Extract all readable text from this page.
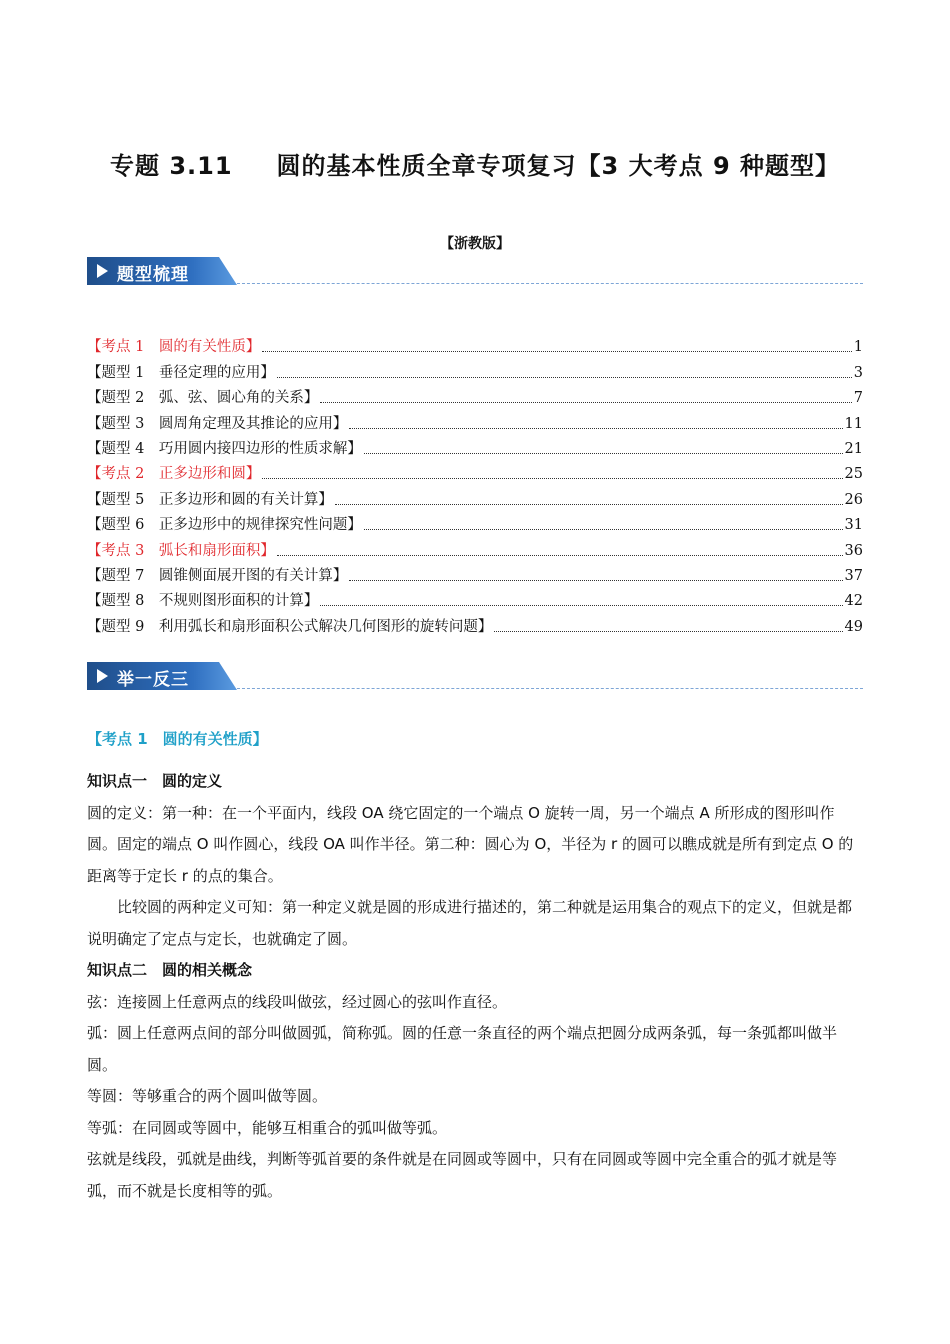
专题 3.11 圆的基本性质全章专项复习【3 大考点 9 种题型】
【浙教版】
题型梳理
【考点 1　圆的有关性质】	1
【题型 1　垂径定理的应用】	3
【题型 2　弧、弦、圆心角的关系】	7
【题型 3　圆周角定理及其推论的应用】	11
【题型 4　巧用圆内接四边形的性质求解】	21
【考点 2　正多边形和圆】	25
【题型 5　正多边形和圆的有关计算】	26
【题型 6　正多边形中的规律探究性问题】	31
【考点 3　弧长和扇形面积】	36
【题型 7　圆锥侧面展开图的有关计算】	37
【题型 8　不规则图形面积的计算】	42
【题型 9　利用弧长和扇形面积公式解决几何图形的旋转问题】	49
举一反三
【考点 1　圆的有关性质】

知识点一　圆的定义

圆的定义：第一种：在一个平面内，线段 OA 绕它固定的一个端点 O 旋转一周，另一个端点 A 所形成的图形叫作圆。固定的端点 O 叫作圆心，线段 OA 叫作半径。第二种：圆心为 O，半径为 r 的圆可以瞧成就是所有到定点 O 的距离等于定长 r 的点的集合。

比较圆的两种定义可知：第一种定义就是圆的形成进行描述的，第二种就是运用集合的观点下的定义，但就是都说明确定了定点与定长，也就确定了圆。

知识点二　圆的相关概念

弦：连接圆上任意两点的线段叫做弦，经过圆心的弦叫作直径。

弧：圆上任意两点间的部分叫做圆弧，简称弧。圆的任意一条直径的两个端点把圆分成两条弧，每一条弧都叫做半圆。

等圆：等够重合的两个圆叫做等圆。

等弧：在同圆或等圆中，能够互相重合的弧叫做等弧。

弦就是线段，弧就是曲线，判断等弧首要的条件就是在同圆或等圆中，只有在同圆或等圆中完全重合的弧才就是等弧，而不就是长度相等的弧。
